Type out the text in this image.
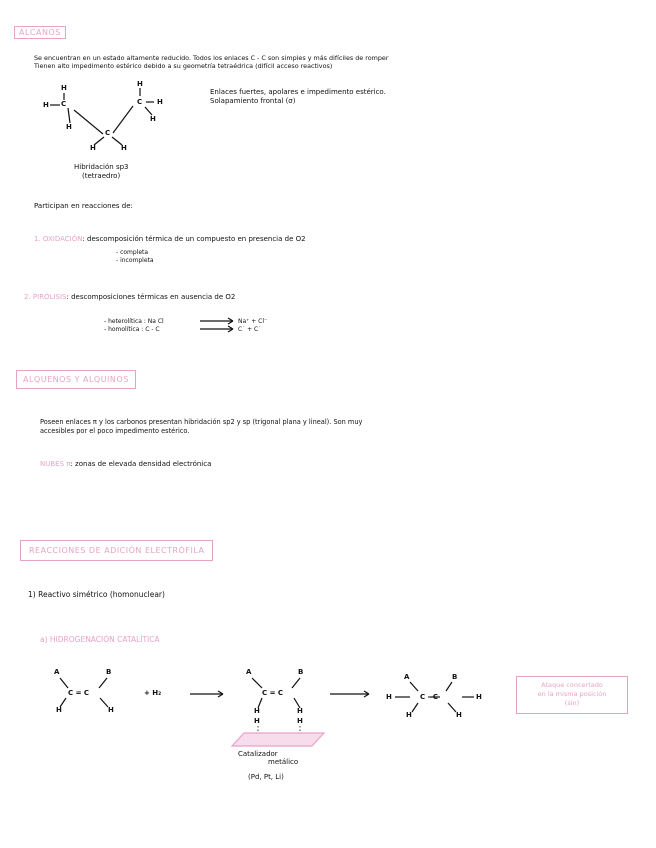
ALCANOS
Se encuentran en un estado altamente reducido. Todos los enlaces C - C son simples y más difíciles de romper
Tienen alto impedimento estérico debido a su geometría tetraédrica (difícil acceso reactivos)
H
H C
H
H
C H
H
C
H	H
Hibridación sp3
(tetraedro)
Enlaces fuertes, apolares e impedimento estérico.
Solapamiento frontal (σ)
Participan en reacciones de:
1. OXIDACIÓN: descomposición térmica de un compuesto en presencia de O2
- completa
- incompleta
2. PIRÓLISIS: descomposiciones térmicas en ausencia de O2
- heterolítica : Na Cl	Na⁺ + Cl⁻
- homolítica : C - C	C˙ + C˙
ALQUENOS Y ALQUINOS
Poseen enlaces π y los carbonos presentan hibridación sp2 y sp (trigonal plana y lineal). Son muy
accesibles por el poco impedimento estérico.
NUBES π: zonas de elevada densidad electrónica
REACCIONES DE ADICIÓN ELECTRÓFILA
1) Reactivo simétrico (homonuclear)
a) HIDROGENACIÓN CATALÍTICA
A	B
C = C
H	H
+ H₂
A	B
C = C
H	H
H	H
Catalizador
metálico
(Pd, Pt, Li)
A	B
H	C - C	H
H	H
Ataque concertado
en la misma posición
(sin)
